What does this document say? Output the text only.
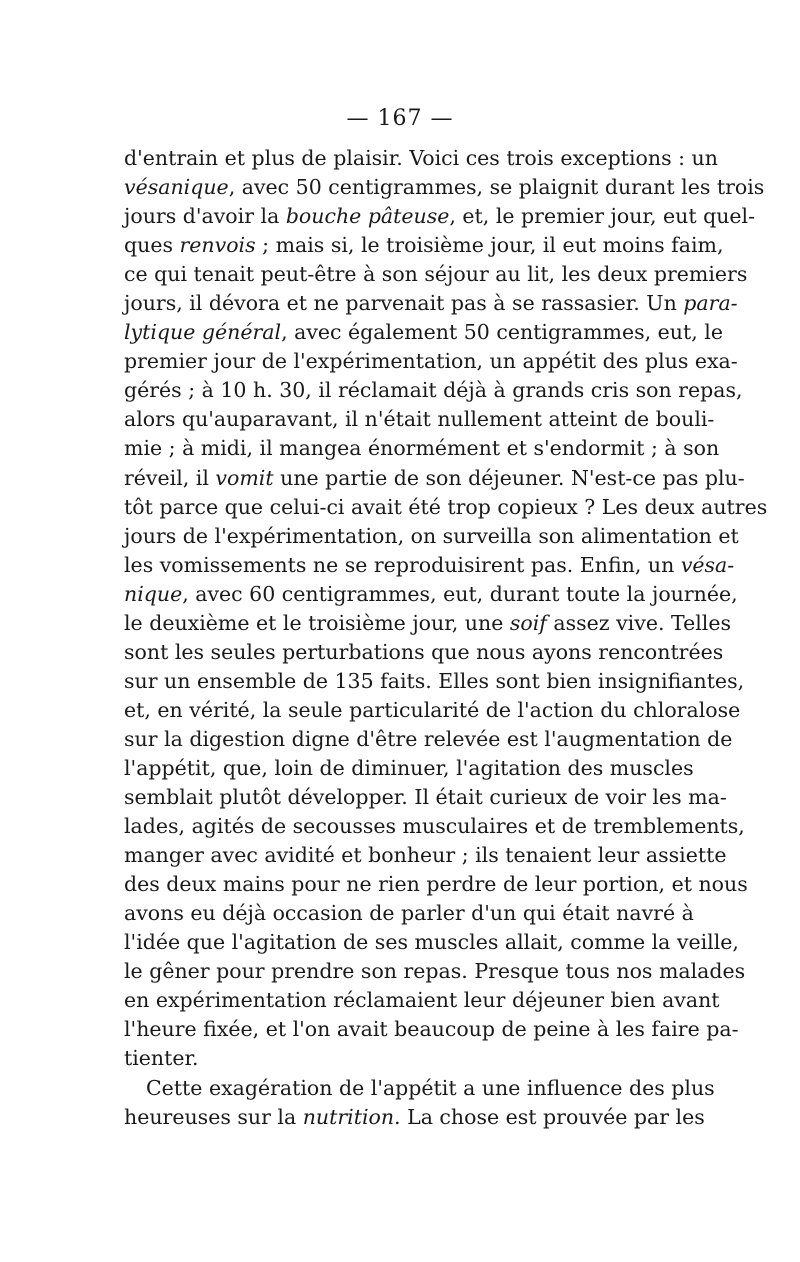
— 167 —
d'entrain et plus de plaisir. Voici ces trois exceptions : un
vésanique, avec 50 centigrammes, se plaignit durant les trois
jours d'avoir la bouche pâteuse, et, le premier jour, eut quel-
ques renvois ; mais si, le troisième jour, il eut moins faim,
ce qui tenait peut-être à son séjour au lit, les deux premiers
jours, il dévora et ne parvenait pas à se rassasier. Un para-
lytique général, avec également 50 centigrammes, eut, le
premier jour de l'expérimentation, un appétit des plus exa-
gérés ; à 10 h. 30, il réclamait déjà à grands cris son repas,
alors qu'auparavant, il n'était nullement atteint de bouli-
mie ; à midi, il mangea énormément et s'endormit ; à son
réveil, il vomit une partie de son déjeuner. N'est-ce pas plu-
tôt parce que celui-ci avait été trop copieux ? Les deux autres
jours de l'expérimentation, on surveilla son alimentation et
les vomissements ne se reproduisirent pas. Enfin, un vésa-
nique, avec 60 centigrammes, eut, durant toute la journée,
le deuxième et le troisième jour, une soif assez vive. Telles
sont les seules perturbations que nous ayons rencontrées
sur un ensemble de 135 faits. Elles sont bien insignifiantes,
et, en vérité, la seule particularité de l'action du chloralose
sur la digestion digne d'être relevée est l'augmentation de
l'appétit, que, loin de diminuer, l'agitation des muscles
semblait plutôt développer. Il était curieux de voir les ma-
lades, agités de secousses musculaires et de tremblements,
manger avec avidité et bonheur ; ils tenaient leur assiette
des deux mains pour ne rien perdre de leur portion, et nous
avons eu déjà occasion de parler d'un qui était navré à
l'idée que l'agitation de ses muscles allait, comme la veille,
le gêner pour prendre son repas. Presque tous nos malades
en expérimentation réclamaient leur déjeuner bien avant
l'heure fixée, et l'on avait beaucoup de peine à les faire pa-
tienter.
Cette exagération de l'appétit a une influence des plus
heureuses sur la nutrition. La chose est prouvée par les
